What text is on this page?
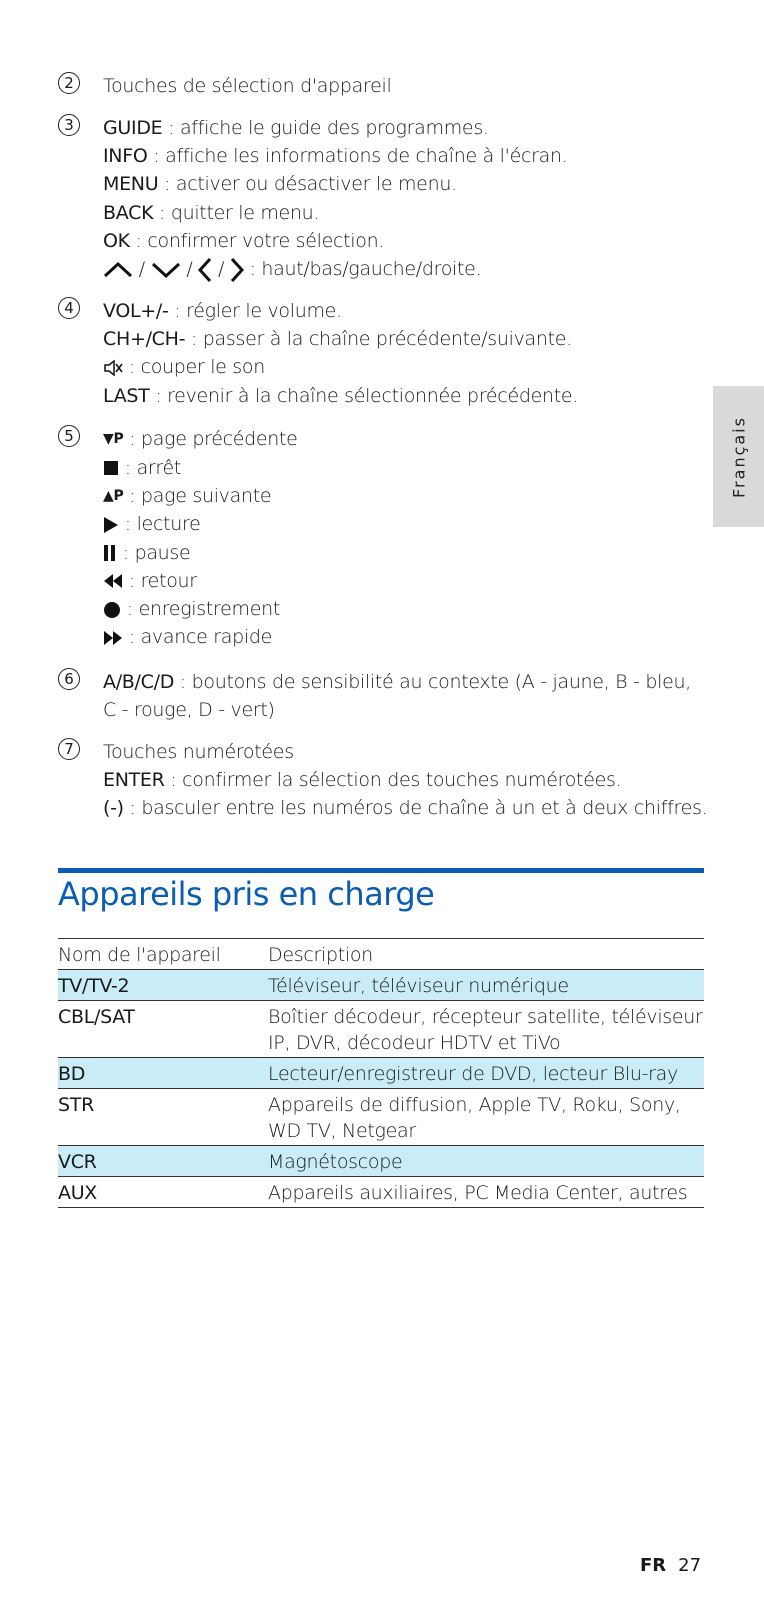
2	Touches de sélection d'appareil
3	GUIDE : affiche le guide des programmes.
INFO : affiche les informations de chaîne à l'écran.
MENU : activer ou désactiver le menu.
BACK : quitter le menu.
OK : confirmer votre sélection.
/ / /  : haut/bas/gauche/droite.
4	VOL+/- : régler le volume.
CH+/CH- : passer à la chaîne précédente/suivante.
: couper le son
LAST : revenir à la chaîne sélectionnée précédente.
5	▼P : page précédente
: arrêt
▲P : page suivante
: lecture
: pause
: retour
: enregistrement
: avance rapide
6	A/B/C/D : boutons de sensibilité au contexte (A - jaune, B - bleu, C - rouge, D - vert)
7	Touches numérotées
ENTER : confirmer la sélection des touches numérotées.
(-) : basculer entre les numéros de chaîne à un et à deux chiffres.
Français
Appareils pris en charge
Nom de l'appareil	Description
TV/TV-2	Téléviseur, téléviseur numérique
CBL/SAT	Boîtier décodeur, récepteur satellite, téléviseur IP, DVR, décodeur HDTV et TiVo
BD	Lecteur/enregistreur de DVD, lecteur Blu-ray
STR	Appareils de diffusion, Apple TV, Roku, Sony, WD TV, Netgear
VCR	Magnétoscope
AUX	Appareils auxiliaires, PC Media Center, autres
FR 27
